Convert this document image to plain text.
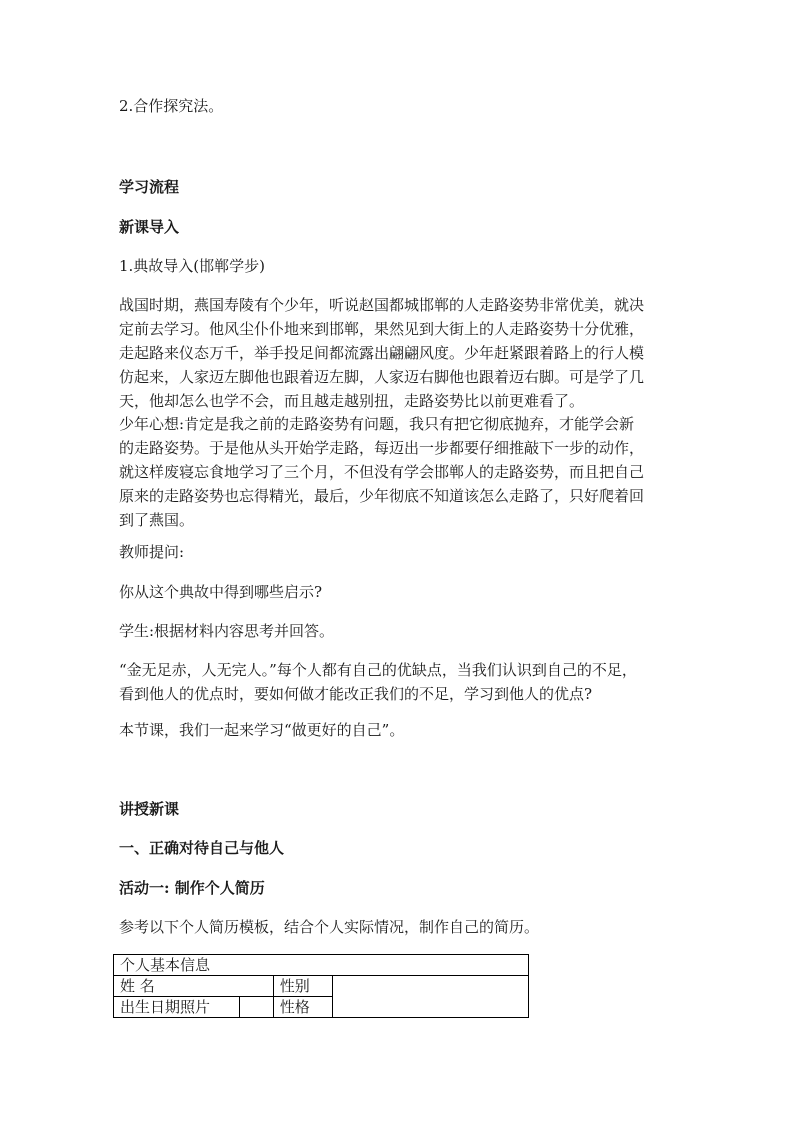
2.合作探究法。

学习流程

新课导入

1.典故导入(邯郸学步)

战国时期，燕国寿陵有个少年，听说赵国都城邯郸的人走路姿势非常优美，就决

定前去学习。他风尘仆仆地来到邯郸，果然见到大街上的人走路姿势十分优雅，

走起路来仪态万千，举手投足间都流露出翩翩风度。少年赶紧跟着路上的行人模

仿起来，人家迈左脚他也跟着迈左脚，人家迈右脚他也跟着迈右脚。可是学了几

天，他却怎么也学不会，而且越走越别扭，走路姿势比以前更难看了。

少年心想:肯定是我之前的走路姿势有问题，我只有把它彻底抛弃，才能学会新

的走路姿势。于是他从头开始学走路，每迈出一步都要仔细推敲下一步的动作，

就这样废寝忘食地学习了三个月，不但没有学会邯郸人的走路姿势，而且把自己

原来的走路姿势也忘得精光，最后，少年彻底不知道该怎么走路了，只好爬着回

到了燕国。

教师提问:

你从这个典故中得到哪些启示?

学生:根据材料内容思考并回答。

“金无足赤，人无完人。”每个人都有自己的优缺点，当我们认识到自己的不足，

看到他人的优点时，要如何做才能改正我们的不足，学习到他人的优点?

本节课，我们一起来学习“做更好的自己”。

讲授新课

一、正确对待自己与他人

活动一: 制作个人简历

参考以下个人简历模板，结合个人实际情况，制作自己的简历。

个人基本信息			
姓 名		性别	
出生日期照片		性格	
